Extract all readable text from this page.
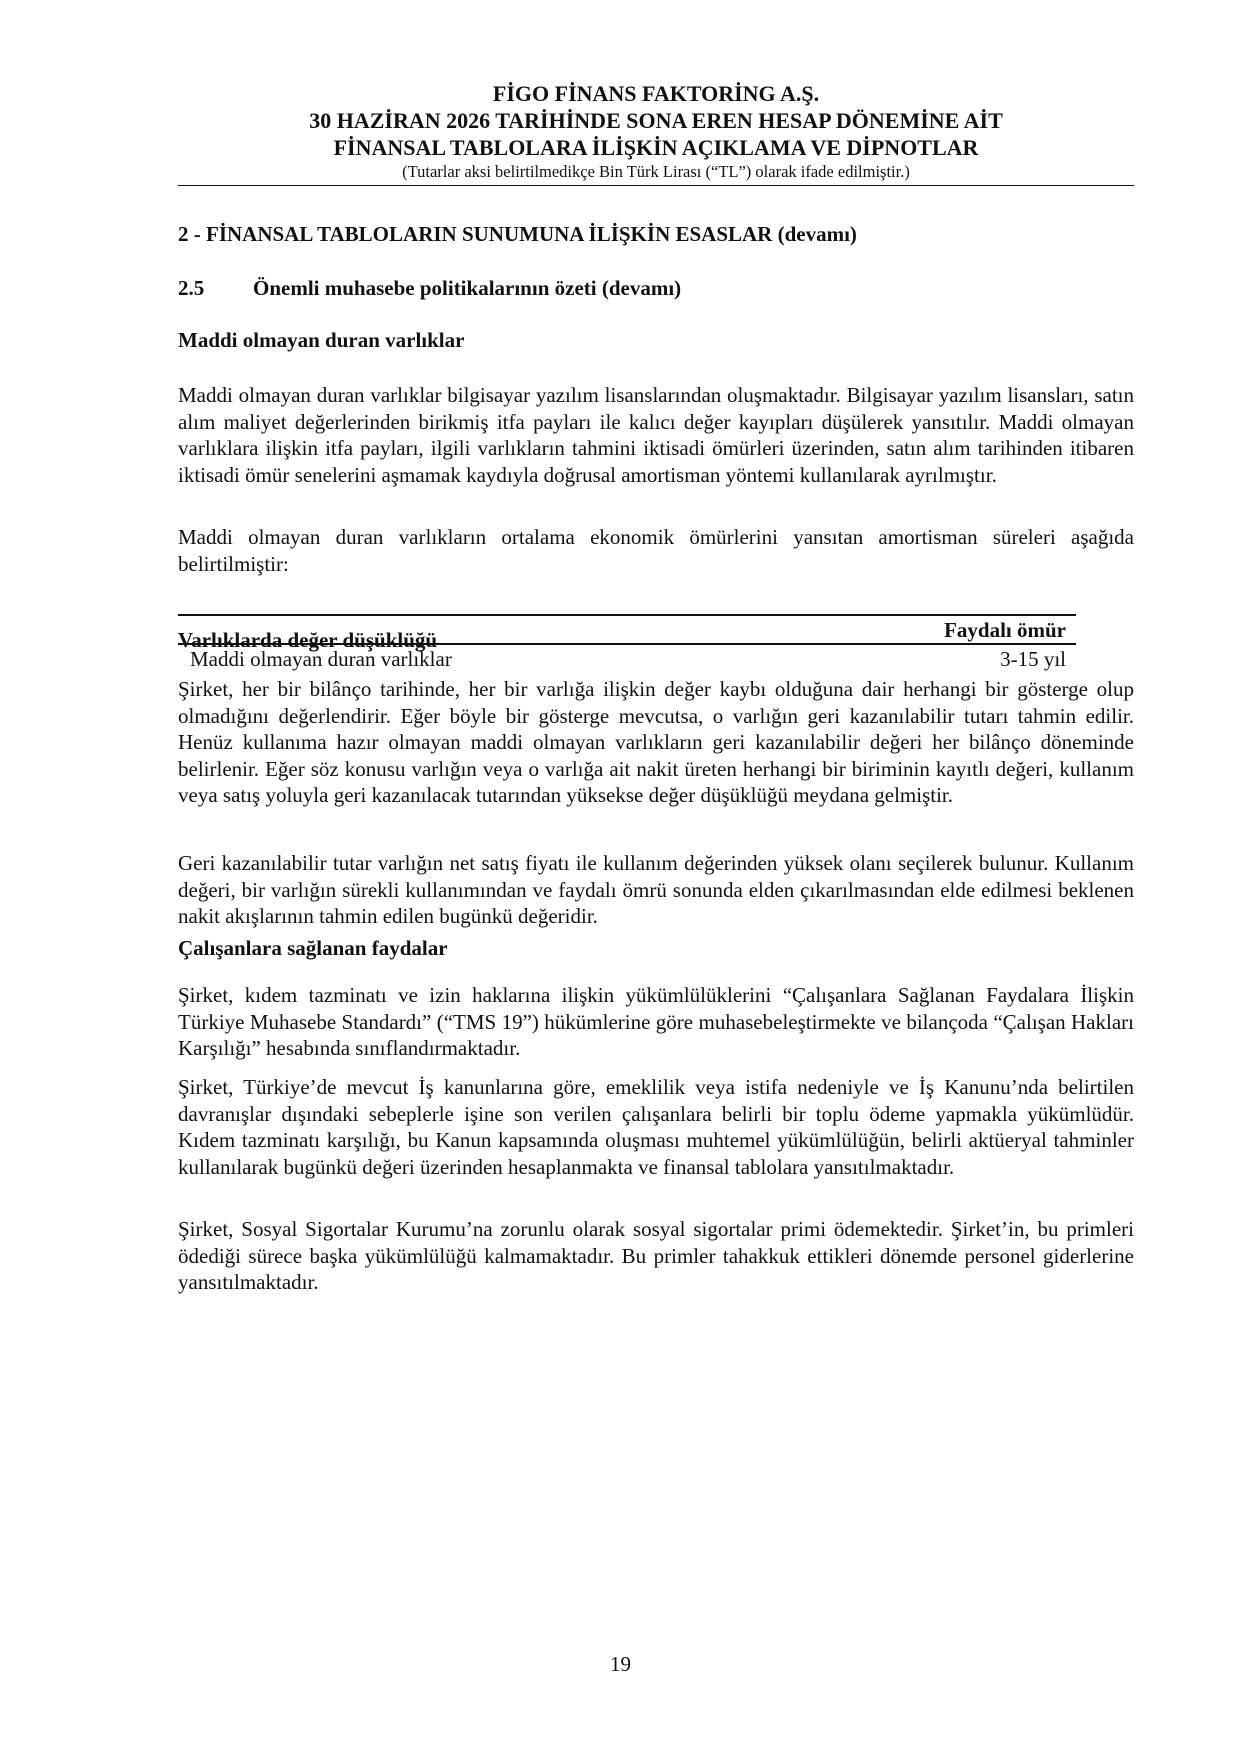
FİGO FİNANS FAKTORİNG A.Ş.
30 HAZİRAN 2026 TARİHİNDE SONA EREN HESAP DÖNEMİNE AİT
FİNANSAL TABLOLARA İLİŞKİN AÇIKLAMA VE DİPNOTLAR
(Tutarlar aksi belirtilmedikçe Bin Türk Lirası (“TL”) olarak ifade edilmiştir.)
2 - FİNANSAL TABLOLARIN SUNUMUNA İLİŞKİN ESASLAR (devamı)
2.5 Önemli muhasebe politikalarının özeti (devamı)
Maddi olmayan duran varlıklar
Maddi olmayan duran varlıklar bilgisayar yazılım lisanslarından oluşmaktadır. Bilgisayar yazılım lisansları, satın alım maliyet değerlerinden birikmiş itfa payları ile kalıcı değer kayıpları düşülerek yansıtılır. Maddi olmayan varlıklara ilişkin itfa payları, ilgili varlıkların tahmini iktisadi ömürleri üzerinden, satın alım tarihinden itibaren iktisadi ömür senelerini aşmamak kaydıyla doğrusal amortisman yöntemi kullanılarak ayrılmıştır.
Maddi olmayan duran varlıkların ortalama ekonomik ömürlerini yansıtan amortisman süreleri aşağıda belirtilmiştir:
Faydalı ömür
Maddi olmayan duran varlıklar	3-15 yıl
Varlıklarda değer düşüklüğü
Şirket, her bir bilânço tarihinde, her bir varlığa ilişkin değer kaybı olduğuna dair herhangi bir gösterge olup olmadığını değerlendirir. Eğer böyle bir gösterge mevcutsa, o varlığın geri kazanılabilir tutarı tahmin edilir. Henüz kullanıma hazır olmayan maddi olmayan varlıkların geri kazanılabilir değeri her bilânço döneminde belirlenir. Eğer söz konusu varlığın veya o varlığa ait nakit üreten herhangi bir biriminin kayıtlı değeri, kullanım veya satış yoluyla geri kazanılacak tutarından yüksekse değer düşüklüğü meydana gelmiştir.
Geri kazanılabilir tutar varlığın net satış fiyatı ile kullanım değerinden yüksek olanı seçilerek bulunur. Kullanım değeri, bir varlığın sürekli kullanımından ve faydalı ömrü sonunda elden çıkarılmasından elde edilmesi beklenen nakit akışlarının tahmin edilen bugünkü değeridir.
Çalışanlara sağlanan faydalar
Şirket, kıdem tazminatı ve izin haklarına ilişkin yükümlülüklerini “Çalışanlara Sağlanan Faydalara İlişkin Türkiye Muhasebe Standardı” (“TMS 19”) hükümlerine göre muhasebeleştirmekte ve bilançoda “Çalışan Hakları Karşılığı” hesabında sınıflandırmaktadır.
Şirket, Türkiye’de mevcut İş kanunlarına göre, emeklilik veya istifa nedeniyle ve İş Kanunu’nda belirtilen davranışlar dışındaki sebeplerle işine son verilen çalışanlara belirli bir toplu ödeme yapmakla yükümlüdür. Kıdem tazminatı karşılığı, bu Kanun kapsamında oluşması muhtemel yükümlülüğün, belirli aktüeryal tahminler kullanılarak bugünkü değeri üzerinden hesaplanmakta ve finansal tablolara yansıtılmaktadır.
Şirket, Sosyal Sigortalar Kurumu’na zorunlu olarak sosyal sigortalar primi ödemektedir. Şirket’in, bu primleri ödediği sürece başka yükümlülüğü kalmamaktadır. Bu primler tahakkuk ettikleri dönemde personel giderlerine yansıtılmaktadır.
19
